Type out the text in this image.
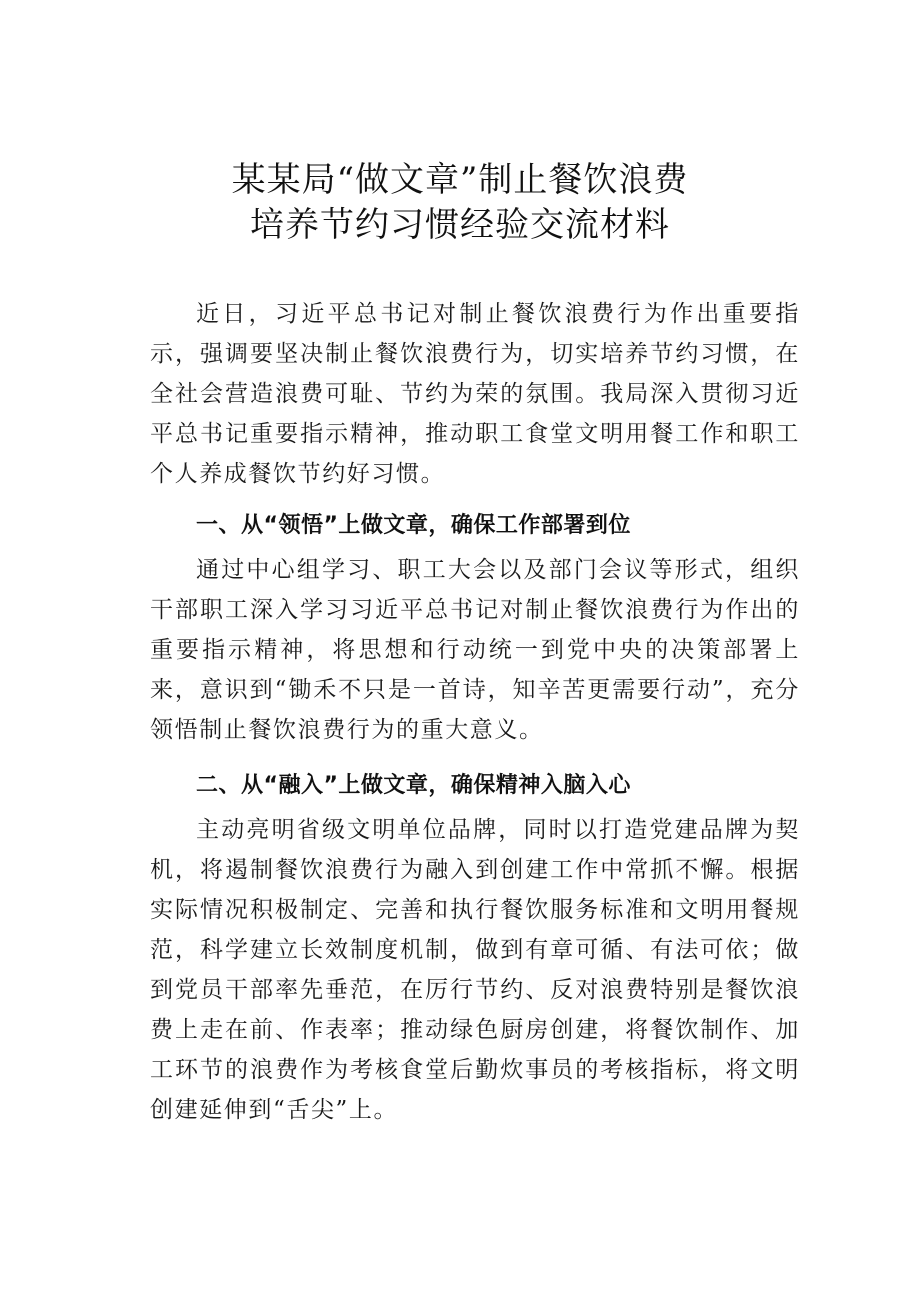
某某局“做文章”制止餐饮浪费
培养节约习惯经验交流材料

近日，习近平总书记对制止餐饮浪费行为作出重要指示，强调要坚决制止餐饮浪费行为，切实培养节约习惯，在全社会营造浪费可耻、节约为荣的氛围。我局深入贯彻习近平总书记重要指示精神，推动职工食堂文明用餐工作和职工个人养成餐饮节约好习惯。

一、从“领悟”上做文章，确保工作部署到位

通过中心组学习、职工大会以及部门会议等形式，组织干部职工深入学习习近平总书记对制止餐饮浪费行为作出的重要指示精神，将思想和行动统一到党中央的决策部署上来，意识到“锄禾不只是一首诗，知辛苦更需要行动”，充分领悟制止餐饮浪费行为的重大意义。

二、从“融入”上做文章，确保精神入脑入心

主动亮明省级文明单位品牌，同时以打造党建品牌为契机，将遏制餐饮浪费行为融入到创建工作中常抓不懈。根据实际情况积极制定、完善和执行餐饮服务标准和文明用餐规范，科学建立长效制度机制，做到有章可循、有法可依；做到党员干部率先垂范，在厉行节约、反对浪费特别是餐饮浪费上走在前、作表率；推动绿色厨房创建，将餐饮制作、加工环节的浪费作为考核食堂后勤炊事员的考核指标，将文明创建延伸到“舌尖”上。
